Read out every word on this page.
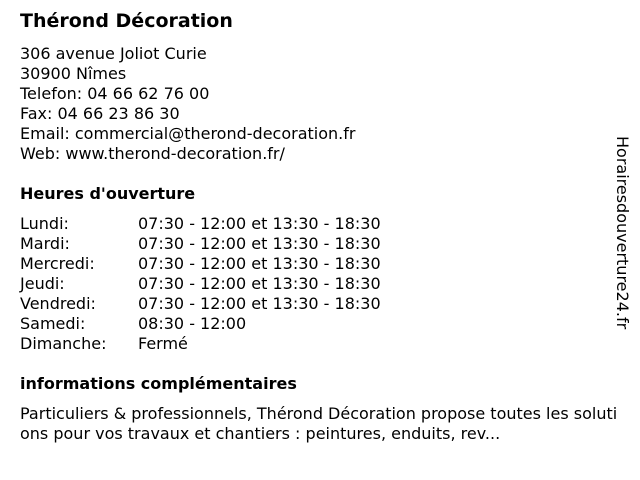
Thérond Décoration
306 avenue Joliot Curie
30900 Nîmes
Telefon: 04 66 62 76 00
Fax: 04 66 23 86 30
Email: commercial@therond-decoration.fr
Web: www.therond-decoration.fr/
Heures d'ouverture
Lundi:	07:30 - 12:00 et 13:30 - 18:30
Mardi:	07:30 - 12:00 et 13:30 - 18:30
Mercredi:	07:30 - 12:00 et 13:30 - 18:30
Jeudi:	07:30 - 12:00 et 13:30 - 18:30
Vendredi:	07:30 - 12:00 et 13:30 - 18:30
Samedi:	08:30 - 12:00
Dimanche: Fermé
informations complémentaires

Particuliers & professionnels, Thérond Décoration propose toutes les solutions pour vos travaux et chantiers : peintures, enduits, rev...

Horairesdouverture24.fr
